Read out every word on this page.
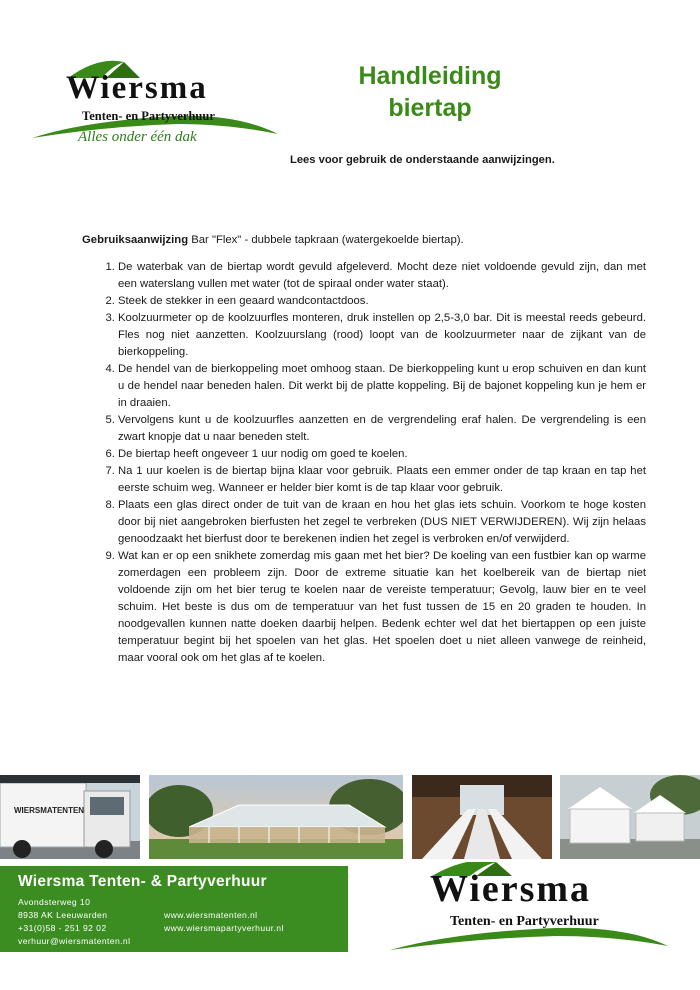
Wiersma
Tenten- en Partyverhuur
Alles onder één dak
Handleiding
biertap
Lees voor gebruik de onderstaande aanwijzingen.
Gebruiksaanwijzing Bar "Flex" - dubbele tapkraan (watergekoelde biertap).
1. De waterbak van de biertap wordt gevuld afgeleverd. Mocht deze niet voldoende gevuld zijn, dan met een waterslang vullen met water (tot de spiraal onder water staat).
2. Steek de stekker in een geaard wandcontactdoos.
3. Koolzuurmeter op de koolzuurfles monteren, druk instellen op 2,5-3,0 bar. Dit is meestal reeds gebeurd. Fles nog niet aanzetten. Koolzuurslang (rood) loopt van de koolzuurmeter naar de zijkant van de bierkoppeling.
4. De hendel van de bierkoppeling moet omhoog staan. De bierkoppeling kunt u erop schuiven en dan kunt u de hendel naar beneden halen. Dit werkt bij de platte koppeling. Bij de bajonet koppeling kun je hem er in draaien.
5. Vervolgens kunt u de koolzuurfles aanzetten en de vergrendeling eraf halen. De vergrendeling is een zwart knopje dat u naar beneden stelt.
6. De biertap heeft ongeveer 1 uur nodig om goed te koelen.
7. Na 1 uur koelen is de biertap bijna klaar voor gebruik. Plaats een emmer onder de tap kraan en tap het eerste schuim weg. Wanneer er helder bier komt is de tap klaar voor gebruik.
8. Plaats een glas direct onder de tuit van de kraan en hou het glas iets schuin. Voorkom te hoge kosten door bij niet aangebroken bierfusten het zegel te verbreken (DUS NIET VERWIJDEREN). Wij zijn helaas genoodzaakt het bierfust door te berekenen indien het zegel is verbroken en/of verwijderd.
9. Wat kan er op een snikhete zomerdag mis gaan met het bier? De koeling van een fustbier kan op warme zomerdagen een probleem zijn. Door de extreme situatie kan het koelbereik van de biertap niet voldoende zijn om het bier terug te koelen naar de vereiste temperatuur; Gevolg, lauw bier en te veel schuim. Het beste is dus om de temperatuur van het fust tussen de 15 en 20 graden te houden. In noodgevallen kunnen natte doeken daarbij helpen. Bedenk echter wel dat het biertappen op een juiste temperatuur begint bij het spoelen van het glas. Het spoelen doet u niet alleen vanwege de reinheid, maar vooral ook om het glas af te koelen.
WIERSMATENTEN
Wiersma Tenten- & Partyverhuur
Avondsterweg 10
8938 AK Leeuwarden
+31(0)58 - 251 92 02
verhuur@wiersmatenten.nl
www.wiersmatenten.nl
www.wiersmapartyverhuur.nl
Wiersma
Tenten- en Partyverhuur
